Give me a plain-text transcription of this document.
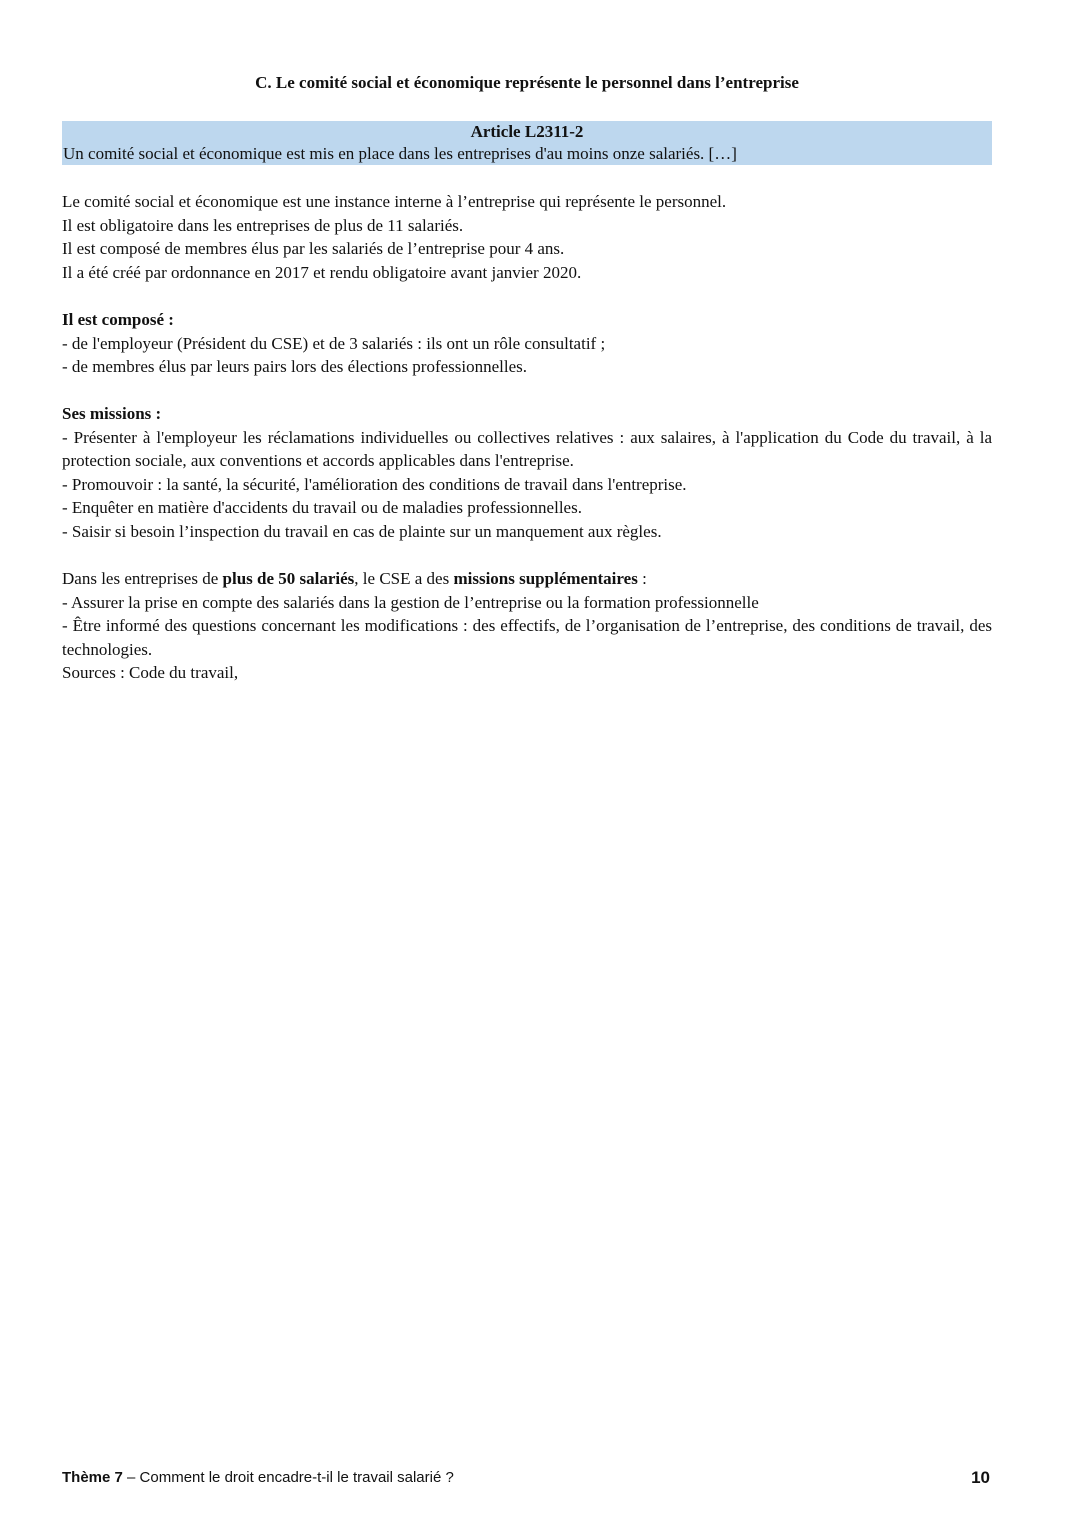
C. Le comité social et économique représente le personnel dans l’entreprise
Article L2311-2
Un comité social et économique est mis en place dans les entreprises d'au moins onze salariés. […]

Le comité social et économique est une instance interne à l’entreprise qui représente le personnel.

Il est obligatoire dans les entreprises de plus de 11 salariés.

Il est composé de membres élus par les salariés de l’entreprise pour 4 ans.

Il a été créé par ordonnance en 2017 et rendu obligatoire avant janvier 2020.

Il est composé :

- de l'employeur (Président du CSE) et de 3 salariés : ils ont un rôle consultatif ;

- de membres élus par leurs pairs lors des élections professionnelles.

Ses missions :

- Présenter à l'employeur les réclamations individuelles ou collectives relatives : aux salaires, à l'application du Code du travail, à la protection sociale, aux conventions et accords applicables dans l'entreprise.

- Promouvoir : la santé, la sécurité, l'amélioration des conditions de travail dans l'entreprise.

- Enquêter en matière d'accidents du travail ou de maladies professionnelles.

- Saisir si besoin l’inspection du travail en cas de plainte sur un manquement aux règles.

Dans les entreprises de plus de 50 salariés, le CSE a des missions supplémentaires :

- Assurer la prise en compte des salariés dans la gestion de l’entreprise ou la formation professionnelle

- Être informé des questions concernant les modifications : des effectifs, de l’organisation de l’entreprise, des conditions de travail, des technologies.

Sources : Code du travail,

Thème 7 – Comment le droit encadre-t-il le travail salarié ?	10
